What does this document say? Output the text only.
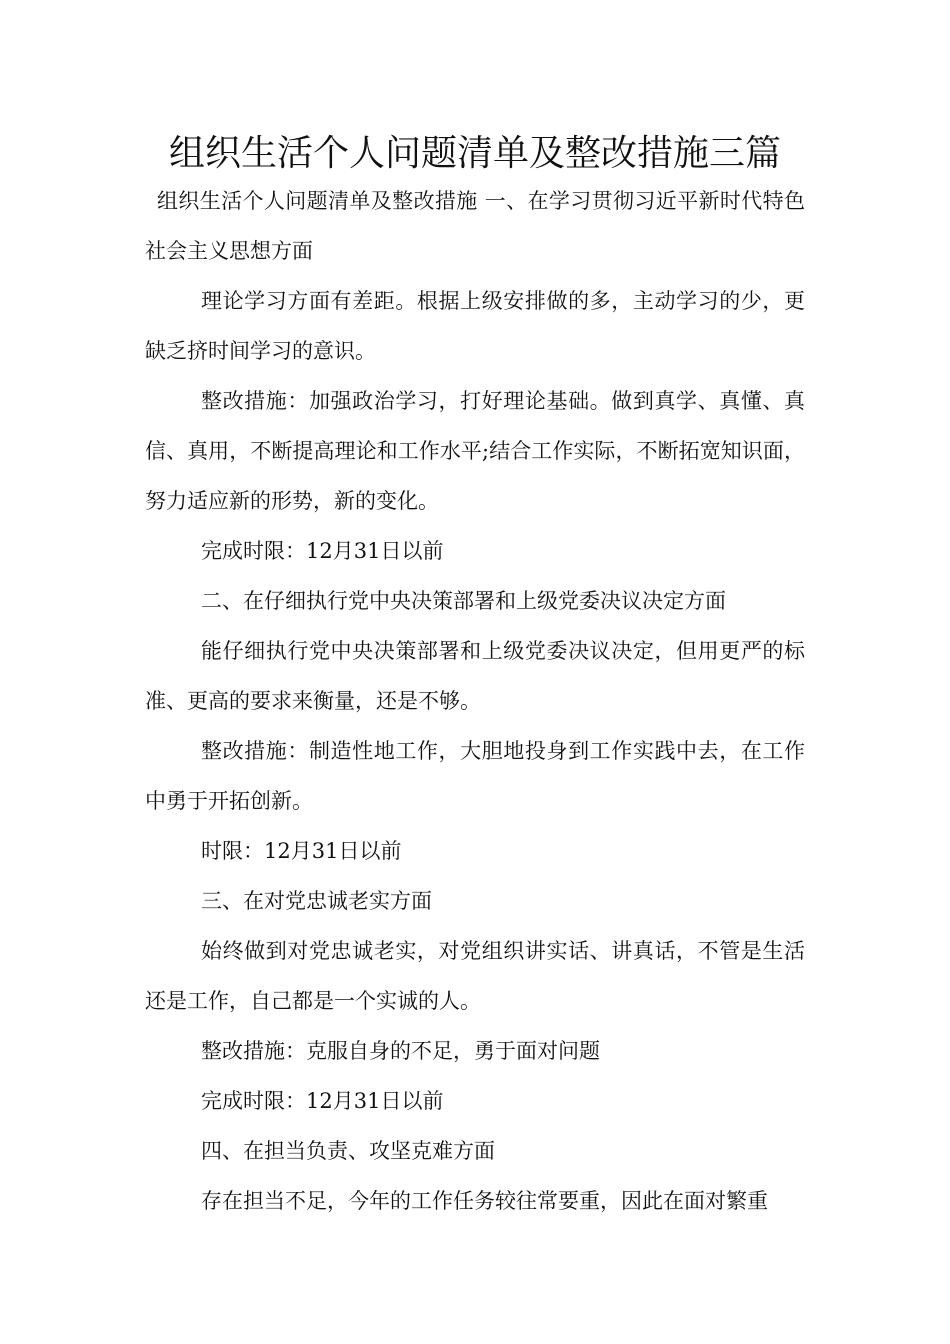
组织生活个人问题清单及整改措施三篇

组织生活个人问题清单及整改措施 一、在学习贯彻习近平新时代特色社会主义思想方面

理论学习方面有差距。根据上级安排做的多，主动学习的少，更缺乏挤时间学习的意识。

整改措施：加强政治学习，打好理论基础。做到真学、真懂、真信、真用，不断提高理论和工作水平;结合工作实际，不断拓宽知识面，努力适应新的形势，新的变化。

完成时限：12月31日以前

二、在仔细执行党中央决策部署和上级党委决议决定方面

能仔细执行党中央决策部署和上级党委决议决定，但用更严的标准、更高的要求来衡量，还是不够。

整改措施：制造性地工作，大胆地投身到工作实践中去，在工作中勇于开拓创新。

时限：12月31日以前

三、在对党忠诚老实方面

始终做到对党忠诚老实，对党组织讲实话、讲真话，不管是生活还是工作，自己都是一个实诚的人。

整改措施：克服自身的不足，勇于面对问题

完成时限：12月31日以前

四、在担当负责、攻坚克难方面

存在担当不足，今年的工作任务较往常要重，因此在面对繁重
